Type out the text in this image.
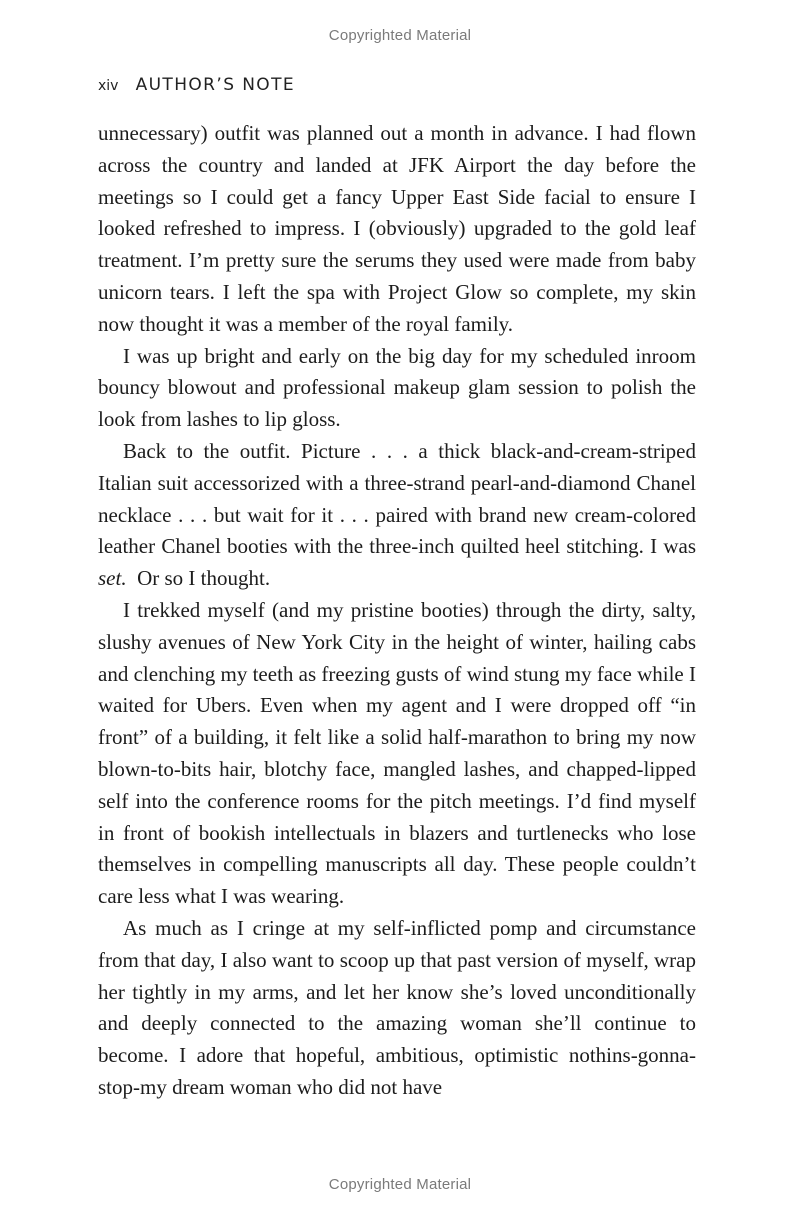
Copyrighted Material
xiv AUTHOR’S NOTE

unnecessary) outfit was planned out a month in advance. I had flown across the country and landed at JFK Airport the day before the meetings so I could get a fancy Upper East Side facial to ensure I looked refreshed to impress. I (obviously) upgraded to the gold leaf treatment. I’m pretty sure the serums they used were made from baby unicorn tears. I left the spa with Project Glow so complete, my skin now thought it was a member of the royal family.

I was up bright and early on the big day for my scheduled inroom bouncy blowout and professional makeup glam session to polish the look from lashes to lip gloss.

Back to the outfit. Picture . . . a thick black-and-cream-striped Italian suit accessorized with a three-strand pearl-and-diamond Chanel necklace . . . but wait for it . . . paired with brand new cream-colored leather Chanel booties with the three-inch quilted heel stitching. I was set.  Or so I thought.

I trekked myself (and my pristine booties) through the dirty, salty, slushy avenues of New York City in the height of winter, hailing cabs and clenching my teeth as freezing gusts of wind stung my face while I waited for Ubers. Even when my agent and I were dropped off “in front” of a building, it felt like a solid half-marathon to bring my now blown-to-bits hair, blotchy face, mangled lashes, and chapped-lipped self into the conference rooms for the pitch meetings. I’d find myself in front of bookish intellectuals in blazers and turtlenecks who lose themselves in compelling manuscripts all day. These people couldn’t care less what I was wearing.

As much as I cringe at my self-inflicted pomp and circumstance from that day, I also want to scoop up that past version of myself, wrap her tightly in my arms, and let her know she’s loved unconditionally and deeply connected to the amazing woman she’ll continue to become. I adore that hopeful, ambitious, optimistic nothins-gonna-stop-my dream woman who did not have

Copyrighted Material
